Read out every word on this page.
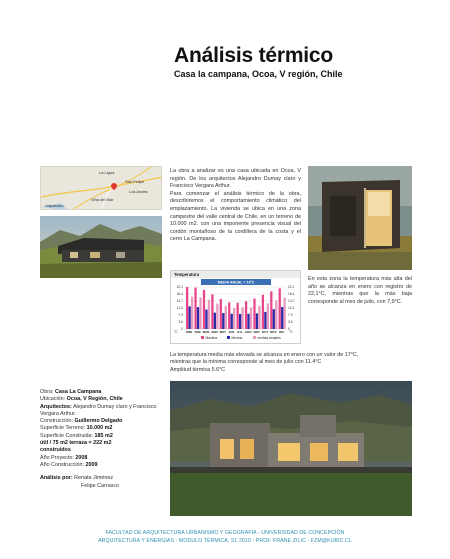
Análisis térmico
Casa la campana, Ocoa, V región, Chile
La Ligua
San Felipe
Los Andes
Viña del Mar
Valparaiso

La obra a analizar es una casa ubicada en Ocoa, V región. De los arquitectos Alejandro Dumay claro y Francisco Vergara Arthur.

Para comenzar el análisis térmico de la obra, describiremos el comportamiento climático del emplazamiento. La vivienda se ubica en una zona campestre del valle central de Chile, en un terreno de 10.000 m2. con una imponente presencia visual del cordón montañoso de la cordillera de la costa y el cerro La Campana.

En esta zona la temperatura más alta del año se alcanza en enero con registro de 22,1°C, mientras que la más baja corresponde al mes de julio, con 7,9°C.
Temperatura
MEDIA ANUAL = 14ºC
22.1	22.1
18.4	18.4
14.7	14.7
11.0	11.0
7.3	7.3
3.6	3.6
0	0
°C	°C
ENE FEB MAR ABR MAY JUN JUL AGO SEP OCT NOV DIC
Máxima	Mínima	medias anuales
La temperatura media más elevada se alcanza en enero con un valor de 17°C,
mientras que la mínima corresponde al mes de julio con 11.4°C
Amplitud térmica 5.6°C
Obra: Casa La Campana
Ubicación: Ocoa, V Región, Chile
Arquitectos: Alejandro Dumay claro y Francisco Vergara Arthur.
Construcción: Guillermo Delgado
Superficie Terreno: 10.000 m2
Superficie Construida: 185 m2
útil / 75 m2 terraza = 222 m2
construidos
Año Proyecto: 2008
Año Construcción: 2009
Análisis por: Renata Jiménez
Felipe Carrasco
FACULTAD DE ARQUITECTURA URBANISMO Y GEOGRAFÍA - UNIVERSIDAD DE CONCEPCIÓN
ARQUITECTURA Y ENERGÍAS - MODULO TÉRMICA; S1 2010 - PROF. FRANE ZILIC - FZM@KUBIC.CL
